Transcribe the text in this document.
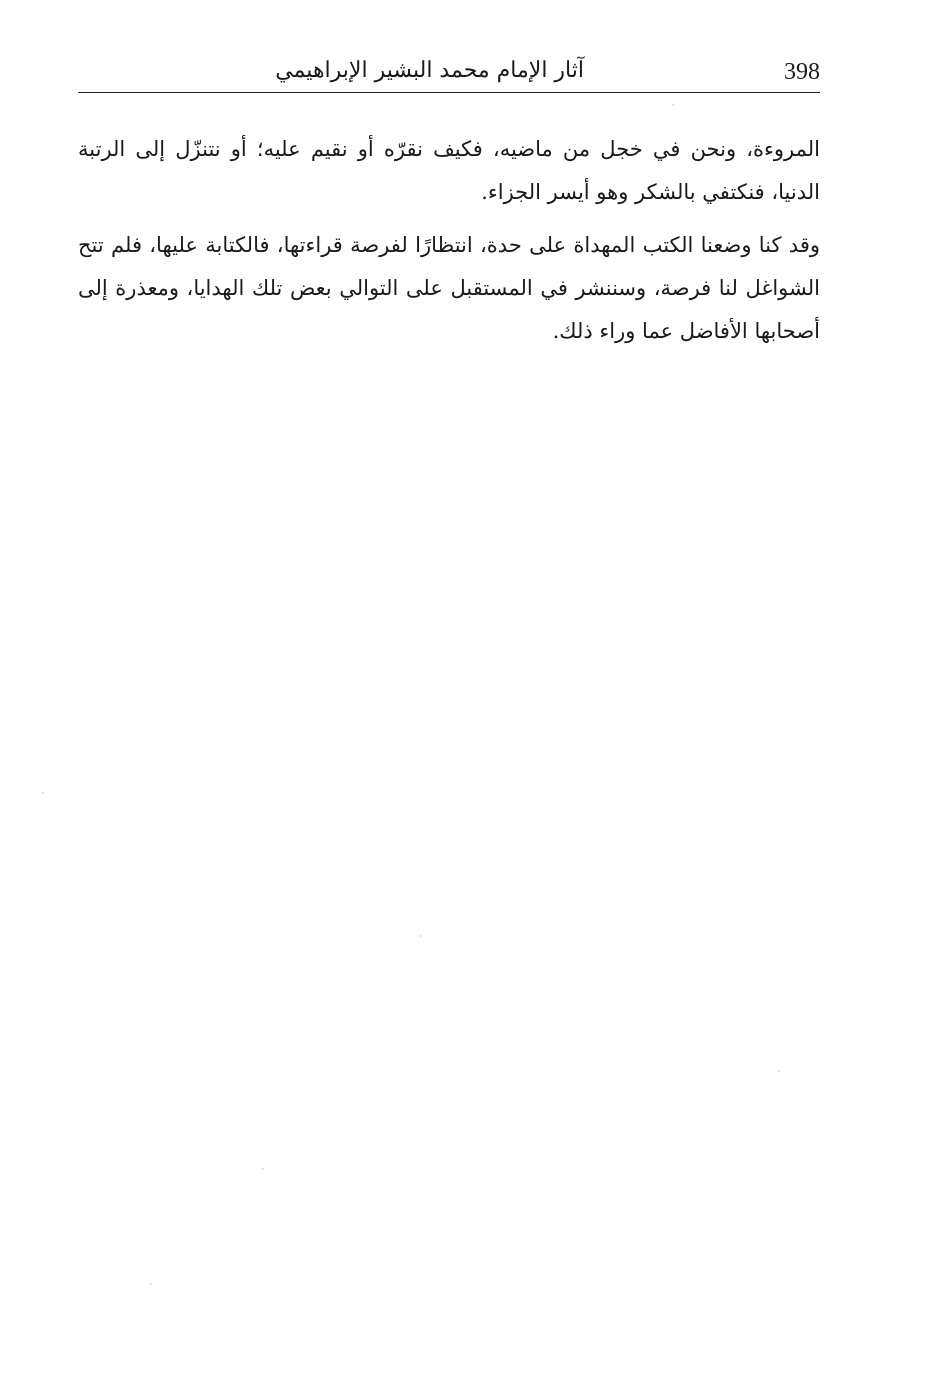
398
آثار الإمام محمد البشير الإبراهيمي

المروءة، ونحن في خجل من ماضيه، فكيف نقرّه أو نقيم عليه؛ أو نتنزّل إلى الرتبة الدنيا، فنكتفي بالشكر وهو أيسر الجزاء.

وقد كنا وضعنا الكتب المهداة على حدة، انتظارًا لفرصة قراءتها، فالكتابة عليها، فلم تتح الشواغل لنا فرصة، وسننشر في المستقبل على التوالي بعض تلك الهدايا، ومعذرة إلى أصحابها الأفاضل عما وراء ذلك.
